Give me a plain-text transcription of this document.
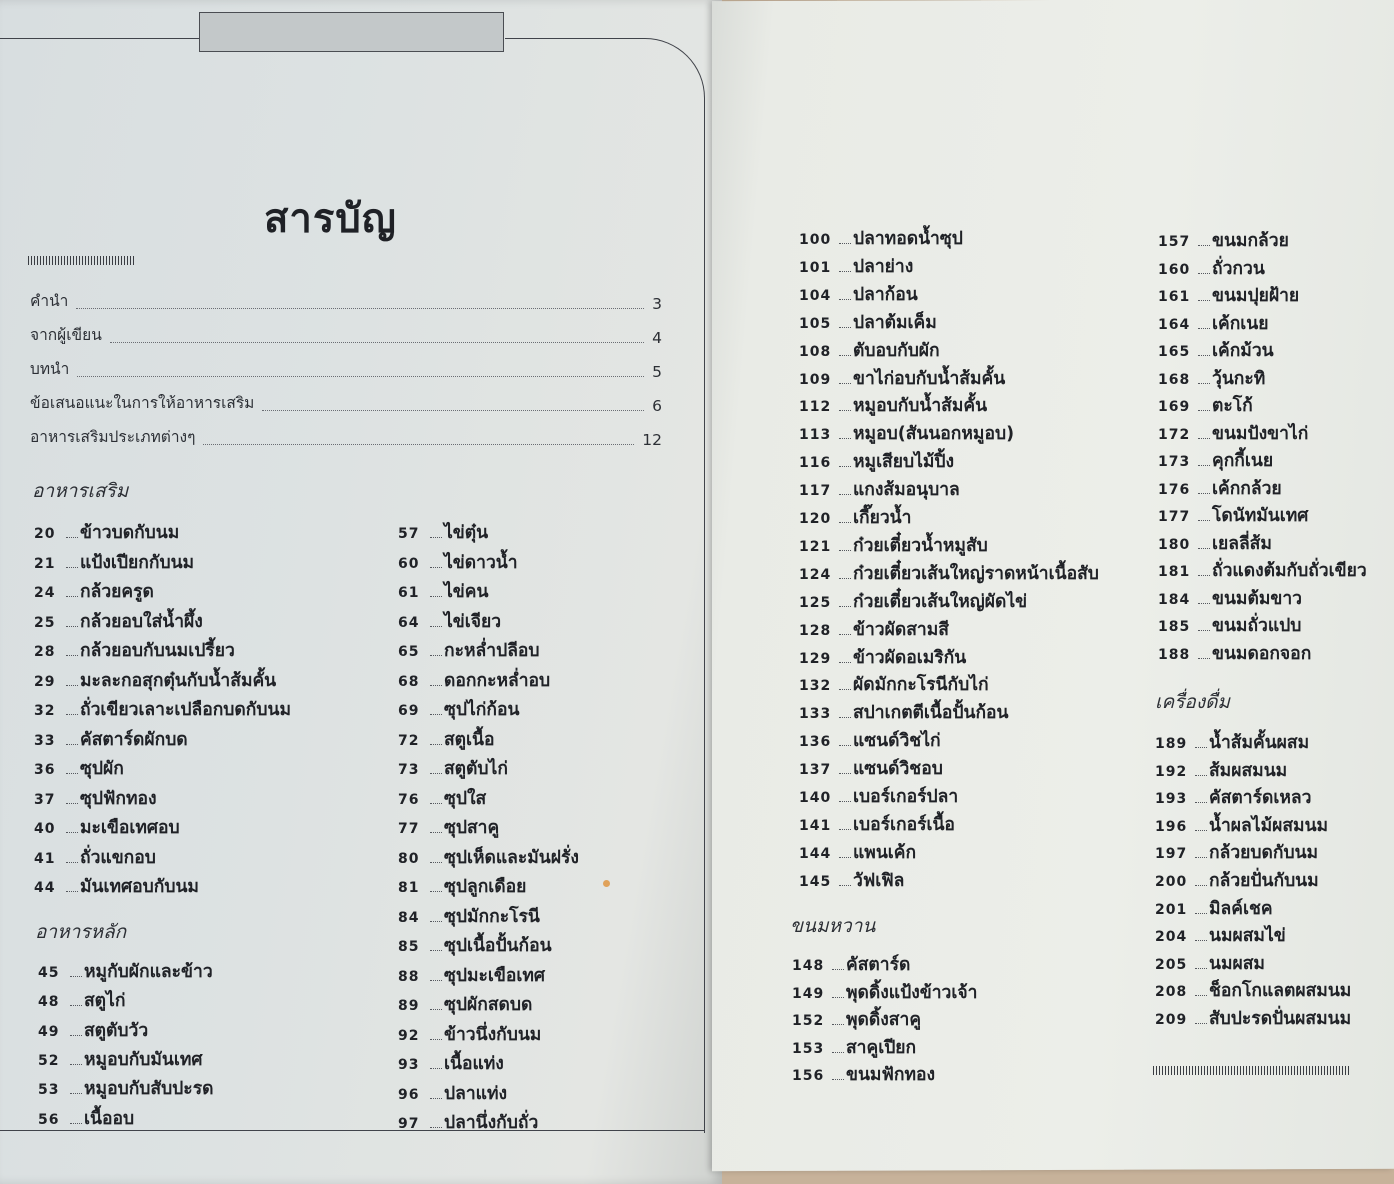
สารบัญ
คำนำ	3
จากผู้เขียน	4
บทนำ	5
ข้อเสนอแนะในการให้อาหารเสริม	6
อาหารเสริมประเภทต่างๆ	12
อาหารเสริม
อาหารหลัก	ขนมหวาน
เครื่องดื่ม
20	ข้าวบดกับนม
21	แป้งเปียกกับนม
24	กล้วยครูด
25	กล้วยอบใส่น้ำผึ้ง
28	กล้วยอบกับนมเปรี้ยว
29	มะละกอสุกตุ๋นกับน้ำส้มคั้น
32	ถั่วเขียวเลาะเปลือกบดกับนม
33	คัสตาร์ดผักบด
36	ซุปผัก
37	ซุปฟักทอง
40	มะเขือเทศอบ
41	ถั่วแขกอบ
44	มันเทศอบกับนม
45	หมูกับผักและข้าว
48	สตูไก่
49	สตูตับวัว
52	หมูอบกับมันเทศ
53	หมูอบกับสับปะรด
56	เนื้ออบ
57	ไข่ตุ๋น
60	ไข่ดาวน้ำ
61	ไข่คน
64	ไข่เจียว
65	กะหล่ำปลีอบ
68	ดอกกะหล่ำอบ
69	ซุปไก่ก้อน
72	สตูเนื้อ
73	สตูตับไก่
76	ซุปใส
77	ซุปสาคู
80	ซุปเห็ดและมันฝรั่ง
81	ซุปลูกเดือย
84	ซุปมักกะโรนี
85	ซุปเนื้อปั้นก้อน
88	ซุปมะเขือเทศ
89	ซุปผักสดบด
92	ข้าวนึ่งกับนม
93	เนื้อแท่ง
96	ปลาแท่ง
97	ปลานึ่งกับถั่ว
100	ปลาทอดน้ำซุป
101	ปลาย่าง
104	ปลาก้อน
105	ปลาต้มเค็ม
108	ตับอบกับผัก
109	ขาไก่อบกับน้ำส้มคั้น
112	หมูอบกับน้ำส้มคั้น
113	หมูอบ(สันนอกหมูอบ)
116	หมูเสียบไม้ปิ้ง
117	แกงส้มอนุบาล
120	เกี๊ยวน้ำ
121	ก๋วยเตี๋ยวน้ำหมูสับ
124	ก๋วยเตี๋ยวเส้นใหญ่ราดหน้าเนื้อสับ
125	ก๋วยเตี๋ยวเส้นใหญ่ผัดไข่
128	ข้าวผัดสามสี
129	ข้าวผัดอเมริกัน
132	ผัดมักกะโรนีกับไก่
133	สปาเกตตีเนื้อปั้นก้อน
136	แซนด์วิชไก่
137	แซนด์วิชอบ
140	เบอร์เกอร์ปลา
141	เบอร์เกอร์เนื้อ
144	แพนเค้ก
145	วัฟเฟิล
148	คัสตาร์ด
149	พุดดิ้งแป้งข้าวเจ้า
152	พุดดิ้งสาคู
153	สาคูเปียก
156	ขนมฟักทอง
157	ขนมกล้วย
160	ถั่วกวน
161	ขนมปุยฝ้าย
164	เค้กเนย
165	เค้กม้วน
168	วุ้นกะทิ
169	ตะโก้
172	ขนมปังขาไก่
173	คุกกี้เนย
176	เค้กกล้วย
177	โดนัทมันเทศ
180	เยลลี่ส้ม
181	ถั่วแดงต้มกับถั่วเขียว
184	ขนมต้มขาว
185	ขนมถั่วแปบ
188	ขนมดอกจอก
189	น้ำส้มคั้นผสม
192	ส้มผสมนม
193	คัสตาร์ดเหลว
196	น้ำผลไม้ผสมนม
197	กล้วยบดกับนม
200	กล้วยปั่นกับนม
201	มิลค์เชค
204	นมผสมไข่
205	นมผสม
208	ช็อกโกแลตผสมนม
209	สับปะรดปั่นผสมนม
